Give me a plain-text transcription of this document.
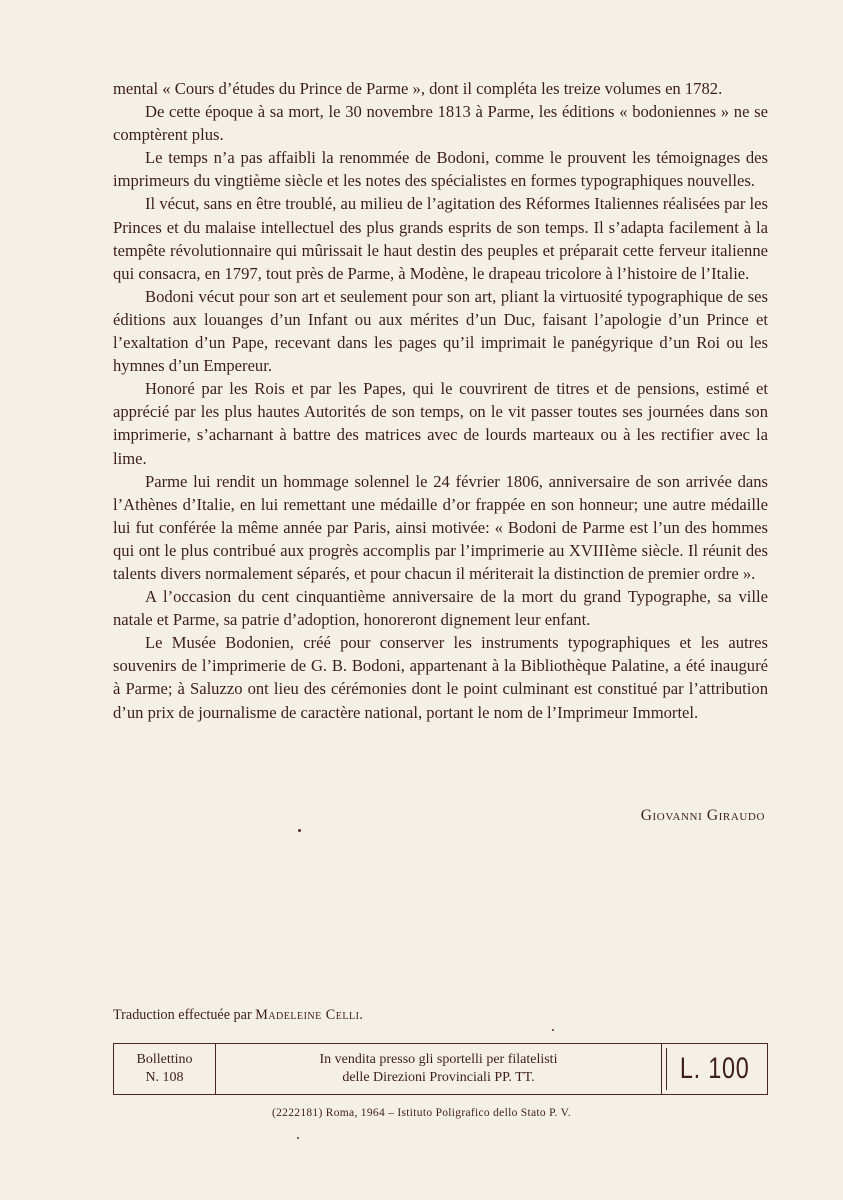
mental « Cours d’études du Prince de Parme », dont il compléta les treize volumes en 1782.

De cette époque à sa mort, le 30 novembre 1813 à Parme, les éditions « bodoniennes » ne se comptèrent plus.

Le temps n’a pas affaibli la renommée de Bodoni, comme le prouvent les témoignages des imprimeurs du vingtième siècle et les notes des spécialistes en formes typographiques nouvelles.

Il vécut, sans en être troublé, au milieu de l’agitation des Réformes Italiennes réalisées par les Princes et du malaise intellectuel des plus grands esprits de son temps. Il s’adapta facilement à la tempête révolutionnaire qui mûrissait le haut destin des peuples et préparait cette ferveur italienne qui consacra, en 1797, tout près de Parme, à Modène, le drapeau tricolore à l’histoire de l’Italie.

Bodoni vécut pour son art et seulement pour son art, pliant la virtuosité typographique de ses éditions aux louanges d’un Infant ou aux mérites d’un Duc, faisant l’apologie d’un Prince et l’exaltation d’un Pape, recevant dans les pages qu’il imprimait le panégyrique d’un Roi ou les hymnes d’un Empereur.

Honoré par les Rois et par les Papes, qui le couvrirent de titres et de pensions, estimé et apprécié par les plus hautes Autorités de son temps, on le vit passer toutes ses journées dans son imprimerie, s’acharnant à battre des matrices avec de lourds marteaux ou à les rectifier avec la lime.

Parme lui rendit un hommage solennel le 24 février 1806, anniversaire de son arrivée dans l’Athènes d’Italie, en lui remettant une médaille d’or frappée en son honneur; une autre médaille lui fut conférée la même année par Paris, ainsi motivée: « Bodoni de Parme est l’un des hommes qui ont le plus contribué aux progrès accomplis par l’imprimerie au XVIIIème siècle. Il réunit des talents divers normalement séparés, et pour chacun il mériterait la distinction de premier ordre ».

A l’occasion du cent cinquantième anniversaire de la mort du grand Typographe, sa ville natale et Parme, sa patrie d’adoption, honoreront dignement leur enfant.

Le Musée Bodonien, créé pour conserver les instruments typographiques et les autres souvenirs de l’imprimerie de G. B. Bodoni, appartenant à la Bibliothèque Palatine, a été inauguré à Parme; à Saluzzo ont lieu des cérémonies dont le point culminant est constitué par l’attribution d’un prix de journalisme de caractère national, portant le nom de l’Imprimeur Immortel.

Giovanni Giraudo
Traduction effectuée par Madeleine Celli.
Bollettino
N. 108
In vendita presso gli sportelli per filatelisti
delle Direzioni Provinciali PP. TT.	L. 100
(2222181) Roma, 1964 – Istituto Poligrafico dello Stato P. V.
